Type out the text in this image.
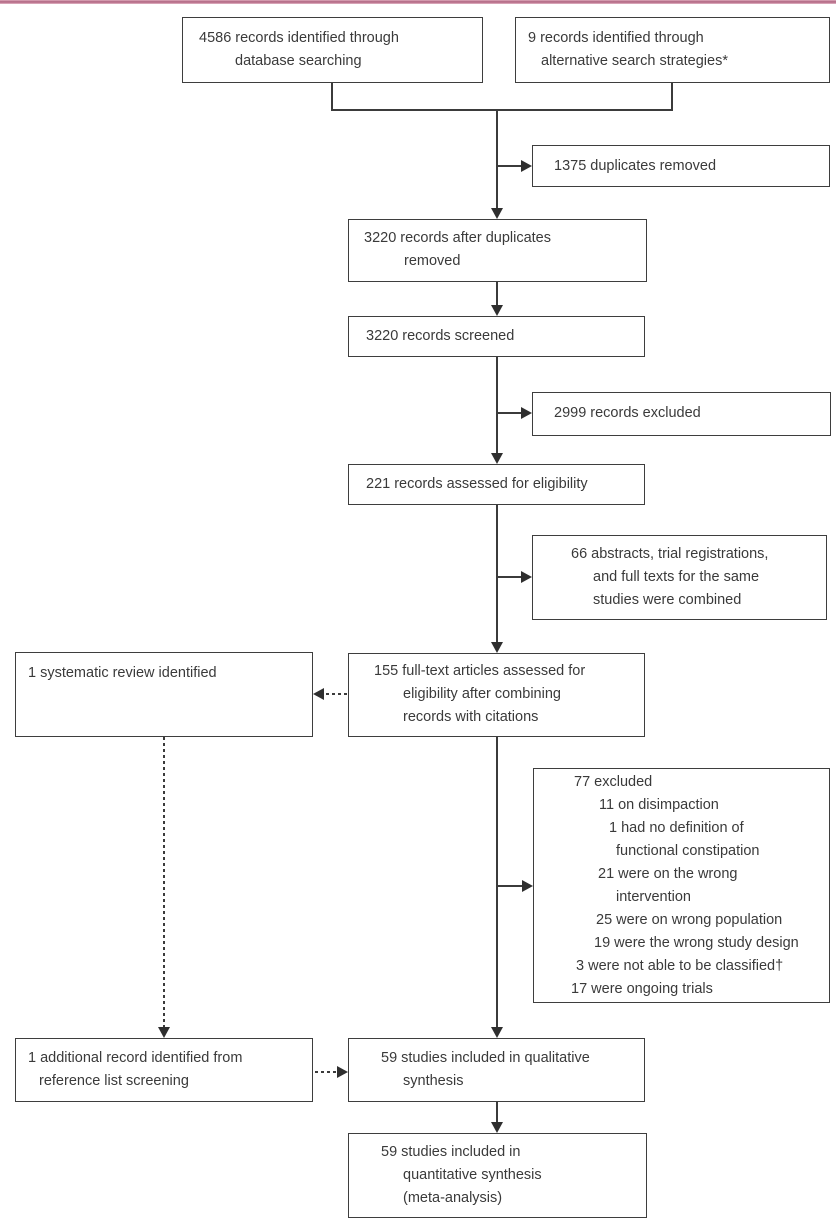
4586 records identified through
database searching
9 records identified through
alternative search strategies*
1375 duplicates removed
3220 records after duplicates
removed
3220 records screened
2999 records excluded
221 records assessed for eligibility
66 abstracts, trial registrations,
and full texts for the same
studies were combined
155 full-text articles assessed for
eligibility after combining
records with citations
1 systematic review identified
77 excluded
11 on disimpaction
1 had no definition of
functional constipation
21 were on the wrong
intervention
25 were on wrong population
19 were the wrong study design
3 were not able to be classified†
17 were ongoing trials
1 additional record identified from
reference list screening
59 studies included in qualitative
synthesis
59 studies included in
quantitative synthesis
(meta-analysis)
